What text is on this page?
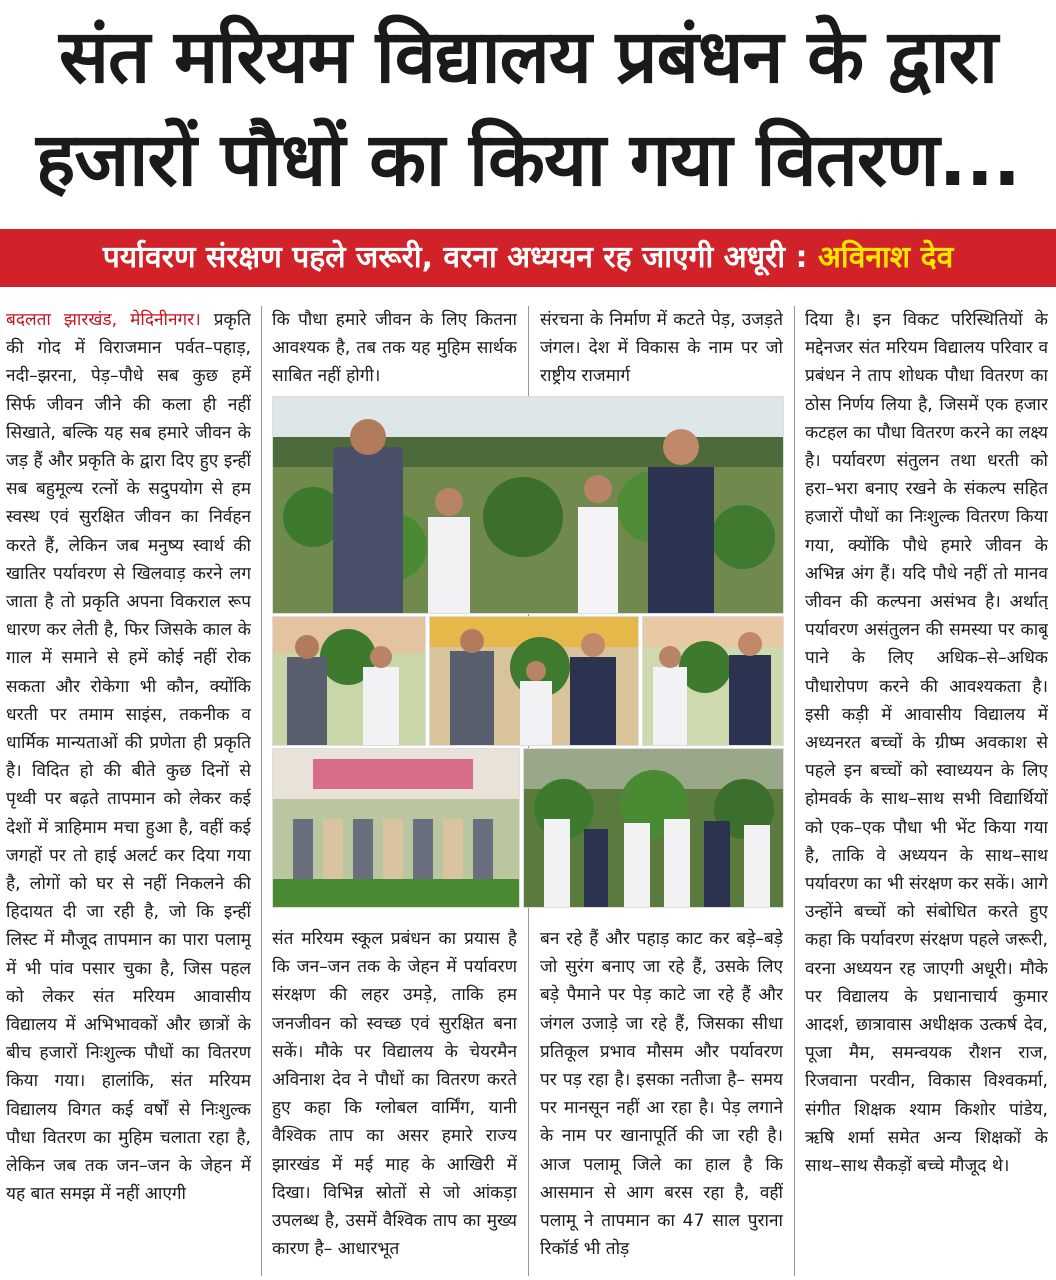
संत मरियम विद्यालय प्रबंधन के द्वारा
हजारों पौधों का किया गया वितरण...
पर्यावरण संरक्षण पहले जरूरी, वरना अध्ययन रह जाएगी अधूरी : अविनाश देव

बदलता झारखंड, मेदिनीनगर। प्रकृति की गोद में विराजमान पर्वत–पहाड़, नदी–झरना, पेड़–पौधे सब कुछ हमें सिर्फ जीवन जीने की कला ही नहीं सिखाते, बल्कि यह सब हमारे जीवन के जड़ हैं और प्रकृति के द्वारा दिए हुए इन्हीं सब बहुमूल्य रत्नों के सदुपयोग से हम स्वस्थ एवं सुरक्षित जीवन का निर्वहन करते हैं, लेकिन जब मनुष्य स्वार्थ की खातिर पर्यावरण से खिलवाड़ करने लग जाता है तो प्रकृति अपना विकराल रूप धारण कर लेती है, फिर जिसके काल के गाल में समाने से हमें कोई नहीं रोक सकता और रोकेगा भी कौन, क्योंकि धरती पर तमाम साइंस, तकनीक व धार्मिक मान्यताओं की प्रणेता ही प्रकृति है। विदित हो की बीते कुछ दिनों से पृथ्वी पर बढ़ते तापमान को लेकर कई देशों में त्राहिमाम मचा हुआ है, वहीं कई जगहों पर तो हाई अलर्ट कर दिया गया है, लोगों को घर से नहीं निकलने की हिदायत दी जा रही है, जो कि इन्हीं लिस्ट में मौजूद तापमान का पारा पलामू में भी पांव पसार चुका है, जिस पहल को लेकर संत मरियम आवासीय विद्यालय में अभिभावकों और छात्रों के बीच हजारों निःशुल्क पौधों का वितरण किया गया। हालांकि, संत मरियम विद्यालय विगत कई वर्षों से निःशुल्क पौधा वितरण का मुहिम चलाता रहा है, लेकिन जब तक जन–जन के जेहन में यह बात समझ में नहीं आएगी

कि पौधा हमारे जीवन के लिए कितना आवश्यक है, तब तक यह मुहिम सार्थक साबित नहीं होगी।

संरचना के निर्माण में कटते पेड़, उजड़ते जंगल। देश में विकास के नाम पर जो राष्ट्रीय राजमार्ग

संत मरियम स्कूल प्रबंधन का प्रयास है कि जन–जन तक के जेहन में पर्यावरण संरक्षण की लहर उमड़े, ताकि हम जनजीवन को स्वच्छ एवं सुरक्षित बना सकें। मौके पर विद्यालय के चेयरमैन अविनाश देव ने पौधों का वितरण करते हुए कहा कि ग्लोबल वार्मिंग, यानी वैश्विक ताप का असर हमारे राज्य झारखंड में मई माह के आखिरी में दिखा। विभिन्न स्रोतों से जो आंकड़ा उपलब्ध है, उसमें वैश्विक ताप का मुख्य कारण है– आधारभूत

बन रहे हैं और पहाड़ काट कर बड़े–बड़े जो सुरंग बनाए जा रहे हैं, उसके लिए बड़े पैमाने पर पेड़ काटे जा रहे हैं और जंगल उजाड़े जा रहे हैं, जिसका सीधा प्रतिकूल प्रभाव मौसम और पर्यावरण पर पड़ रहा है। इसका नतीजा है– समय पर मानसून नहीं आ रहा है। पेड़ लगाने के नाम पर खानापूर्ति की जा रही है। आज पलामू जिले का हाल है कि आसमान से आग बरस रहा है, वहीं पलामू ने तापमान का 47 साल पुराना रिकॉर्ड भी तोड़

दिया है। इन विकट परिस्थितियों के मद्देनजर संत मरियम विद्यालय परिवार व प्रबंधन ने ताप शोधक पौधा वितरण का ठोस निर्णय लिया है, जिसमें एक हजार कटहल का पौधा वितरण करने का लक्ष्य है। पर्यावरण संतुलन तथा धरती को हरा–भरा बनाए रखने के संकल्प सहित हजारों पौधों का निःशुल्क वितरण किया गया, क्योंकि पौधे हमारे जीवन के अभिन्न अंग हैं। यदि पौधे नहीं तो मानव जीवन की कल्पना असंभव है। अर्थात् पर्यावरण असंतुलन की समस्या पर काबू पाने के लिए अधिक–से–अधिक पौधारोपण करने की आवश्यकता है। इसी कड़ी में आवासीय विद्यालय में अध्यनरत बच्चों के ग्रीष्म अवकाश से पहले इन बच्चों को स्वाध्ययन के लिए होमवर्क के साथ–साथ सभी विद्यार्थियों को एक–एक पौधा भी भेंट किया गया है, ताकि वे अध्ययन के साथ–साथ पर्यावरण का भी संरक्षण कर सकें। आगे उन्होंने बच्चों को संबोधित करते हुए कहा कि पर्यावरण संरक्षण पहले जरूरी, वरना अध्ययन रह जाएगी अधूरी। मौके पर विद्यालय के प्रधानाचार्य कुमार आदर्श, छात्रावास अधीक्षक उत्कर्ष देव, पूजा मैम, समन्वयक रौशन राज, रिजवाना परवीन, विकास विश्वकर्मा, संगीत शिक्षक श्याम किशोर पांडेय, ऋषि शर्मा समेत अन्य शिक्षकों के साथ–साथ सैकड़ों बच्चे मौजूद थे।
